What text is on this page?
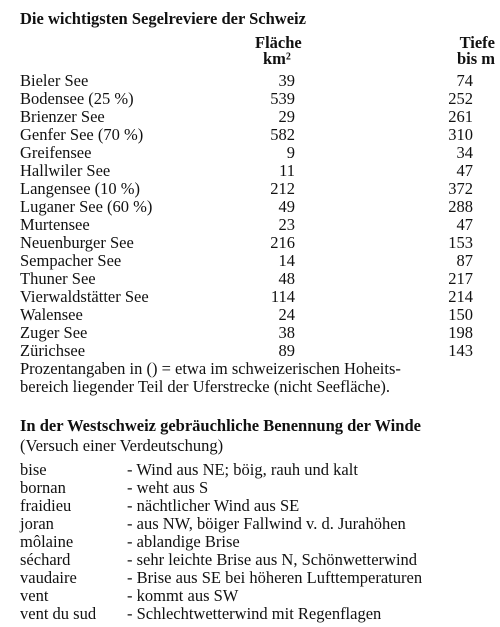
Die wichtigsten Segelreviere der Schweiz
Fläche
km²
Tiefe
bis m
Bieler See	39	74
Bodensee (25 %)	539	252
Brienzer See	29	261
Genfer See (70 %)	582	310
Greifensee	9	34
Hallwiler See	11	47
Langensee (10 %)	212	372
Luganer See (60 %)	49	288
Murtensee	23	47
Neuenburger See	216	153
Sempacher See	14	87
Thuner See	48	217
Vierwaldstätter See	114	214
Walensee	24	150
Zuger See	38	198
Zürichsee	89	143
Prozentangaben in () = etwa im schweizerischen Hoheits-
bereich liegender Teil der Uferstrecke (nicht Seefläche).
In der Westschweiz gebräuchliche Benennung der Winde
(Versuch einer Verdeutschung)
bise	- Wind aus NE; böig, rauh und kalt
bornan	- weht aus S
fraidieu	- nächtlicher Wind aus SE
joran	- aus NW, böiger Fallwind v. d. Jurahöhen
môlaine	- ablandige Brise
séchard	- sehr leichte Brise aus N, Schönwetterwind
vaudaire	- Brise aus SE bei höheren Lufttemperaturen
vent	- kommt aus SW
vent du sud - Schlechtwetterwind mit Regenflagen
